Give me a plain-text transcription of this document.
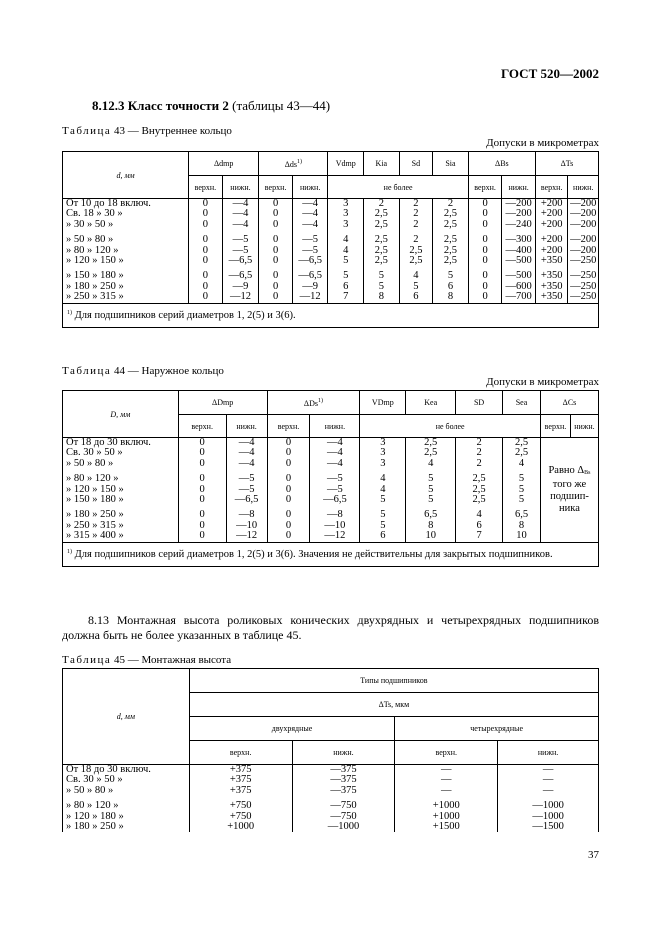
ГОСТ 520—2002
8.12.3 Класс точности 2 (таблицы 43—44)
Таблица 43 — Внутреннее кольцо
Допуски в микрометрах
d, мм	Δdmp		Δds$^{1)}$		Vdmp	Kia	Sd	Sia	ΔBs		ΔTs	
	верхн.	нижн.	верхн.	нижн.	не более				верхн.	нижн.	верхн.	нижн.
От 10 до 18 включ.	0	—4	0	—4	3	2	2	2	0	—200	+200	—200
Св. 18 » 30 »	0	—4	0	—4	3	2,5	2	2,5	0	—200	+200	—200
» 30 » 50 »	0	—4	0	—4	3	2,5	2	2,5	0	—240	+200	—200

» 50 » 80 »	0	—5	0	—5	4	2,5	2	2,5	0	—300	+200	—200
» 80 » 120 »	0	—5	0	—5	4	2,5	2,5	2,5	0	—400	+200	—200
» 120 » 150 »	0	—6,5	0	—6,5	5	2,5	2,5	2,5	0	—500	+350	—250

» 150 » 180 »	0	—6,5	0	—6,5	5	5	4	5	0	—500	+350	—250
» 180 » 250 »	0	—9	0	—9	6	5	5	6	0	—600	+350	—250
» 250 » 315 »	0	—12	0	—12	7	8	6	8	0	—700	+350	—250
$^{1)}$ Для подшипников серий диаметров 1, 2(5) и 3(6).												
Таблица 44 — Наружное кольцо
Допуски в микрометрах
D, мм	ΔDmp		ΔDs$^{1)}$		VDmp	Kea	SD	Sea	ΔCs	
	верхн.	нижн.	верхн.	нижн.	не более				верхн.	нижн.
От 18 до 30 включ.	0	—4	0	—4	3	2,5	2	2,5	Равно ΔBs
того же подшип-ника	
Св. 30 » 50 »	0	—4	0	—4	3	2,5	2	2,5		
» 50 » 80 »	0	—4	0	—4	3	4	2	4		

» 80 » 120 »	0	—5	0	—5	4	5	2,5	5		
» 120 » 150 »	0	—5	0	—5	4	5	2,5	5		
» 150 » 180 »	0	—6,5	0	—6,5	5	5	2,5	5		

» 180 » 250 »	0	—8	0	—8	5	6,5	4	6,5		
» 250 » 315 »	0	—10	0	—10	5	8	6	8		
» 315 » 400 »	0	—12	0	—12	6	10	7	10		
$^{1)}$ Для подшипников серий диаметров 1, 2(5) и 3(6). Значения не действительны для закрытых подшипников.										
8.13 Монтажная высота роликовых конических двухрядных и четырехрядных подшипников должна быть не более указанных в таблице 45.
Таблица 45 — Монтажная высота
d, мм	Типы подшипников			
	ΔTs, мкм			
	двухрядные		четырехрядные	
	верхн.	нижн.	верхн.	нижн.
От 18 до 30 включ.	+375	—375	—	—
Св. 30 » 50 »	+375	—375	—	—
» 50 » 80 »	+375	—375	—	—

» 80 » 120 »	+750	—750	+1000	—1000
» 120 » 180 »	+750	—750	+1000	—1000
» 180 » 250 »	+1000	—1000	+1500	—1500
37
